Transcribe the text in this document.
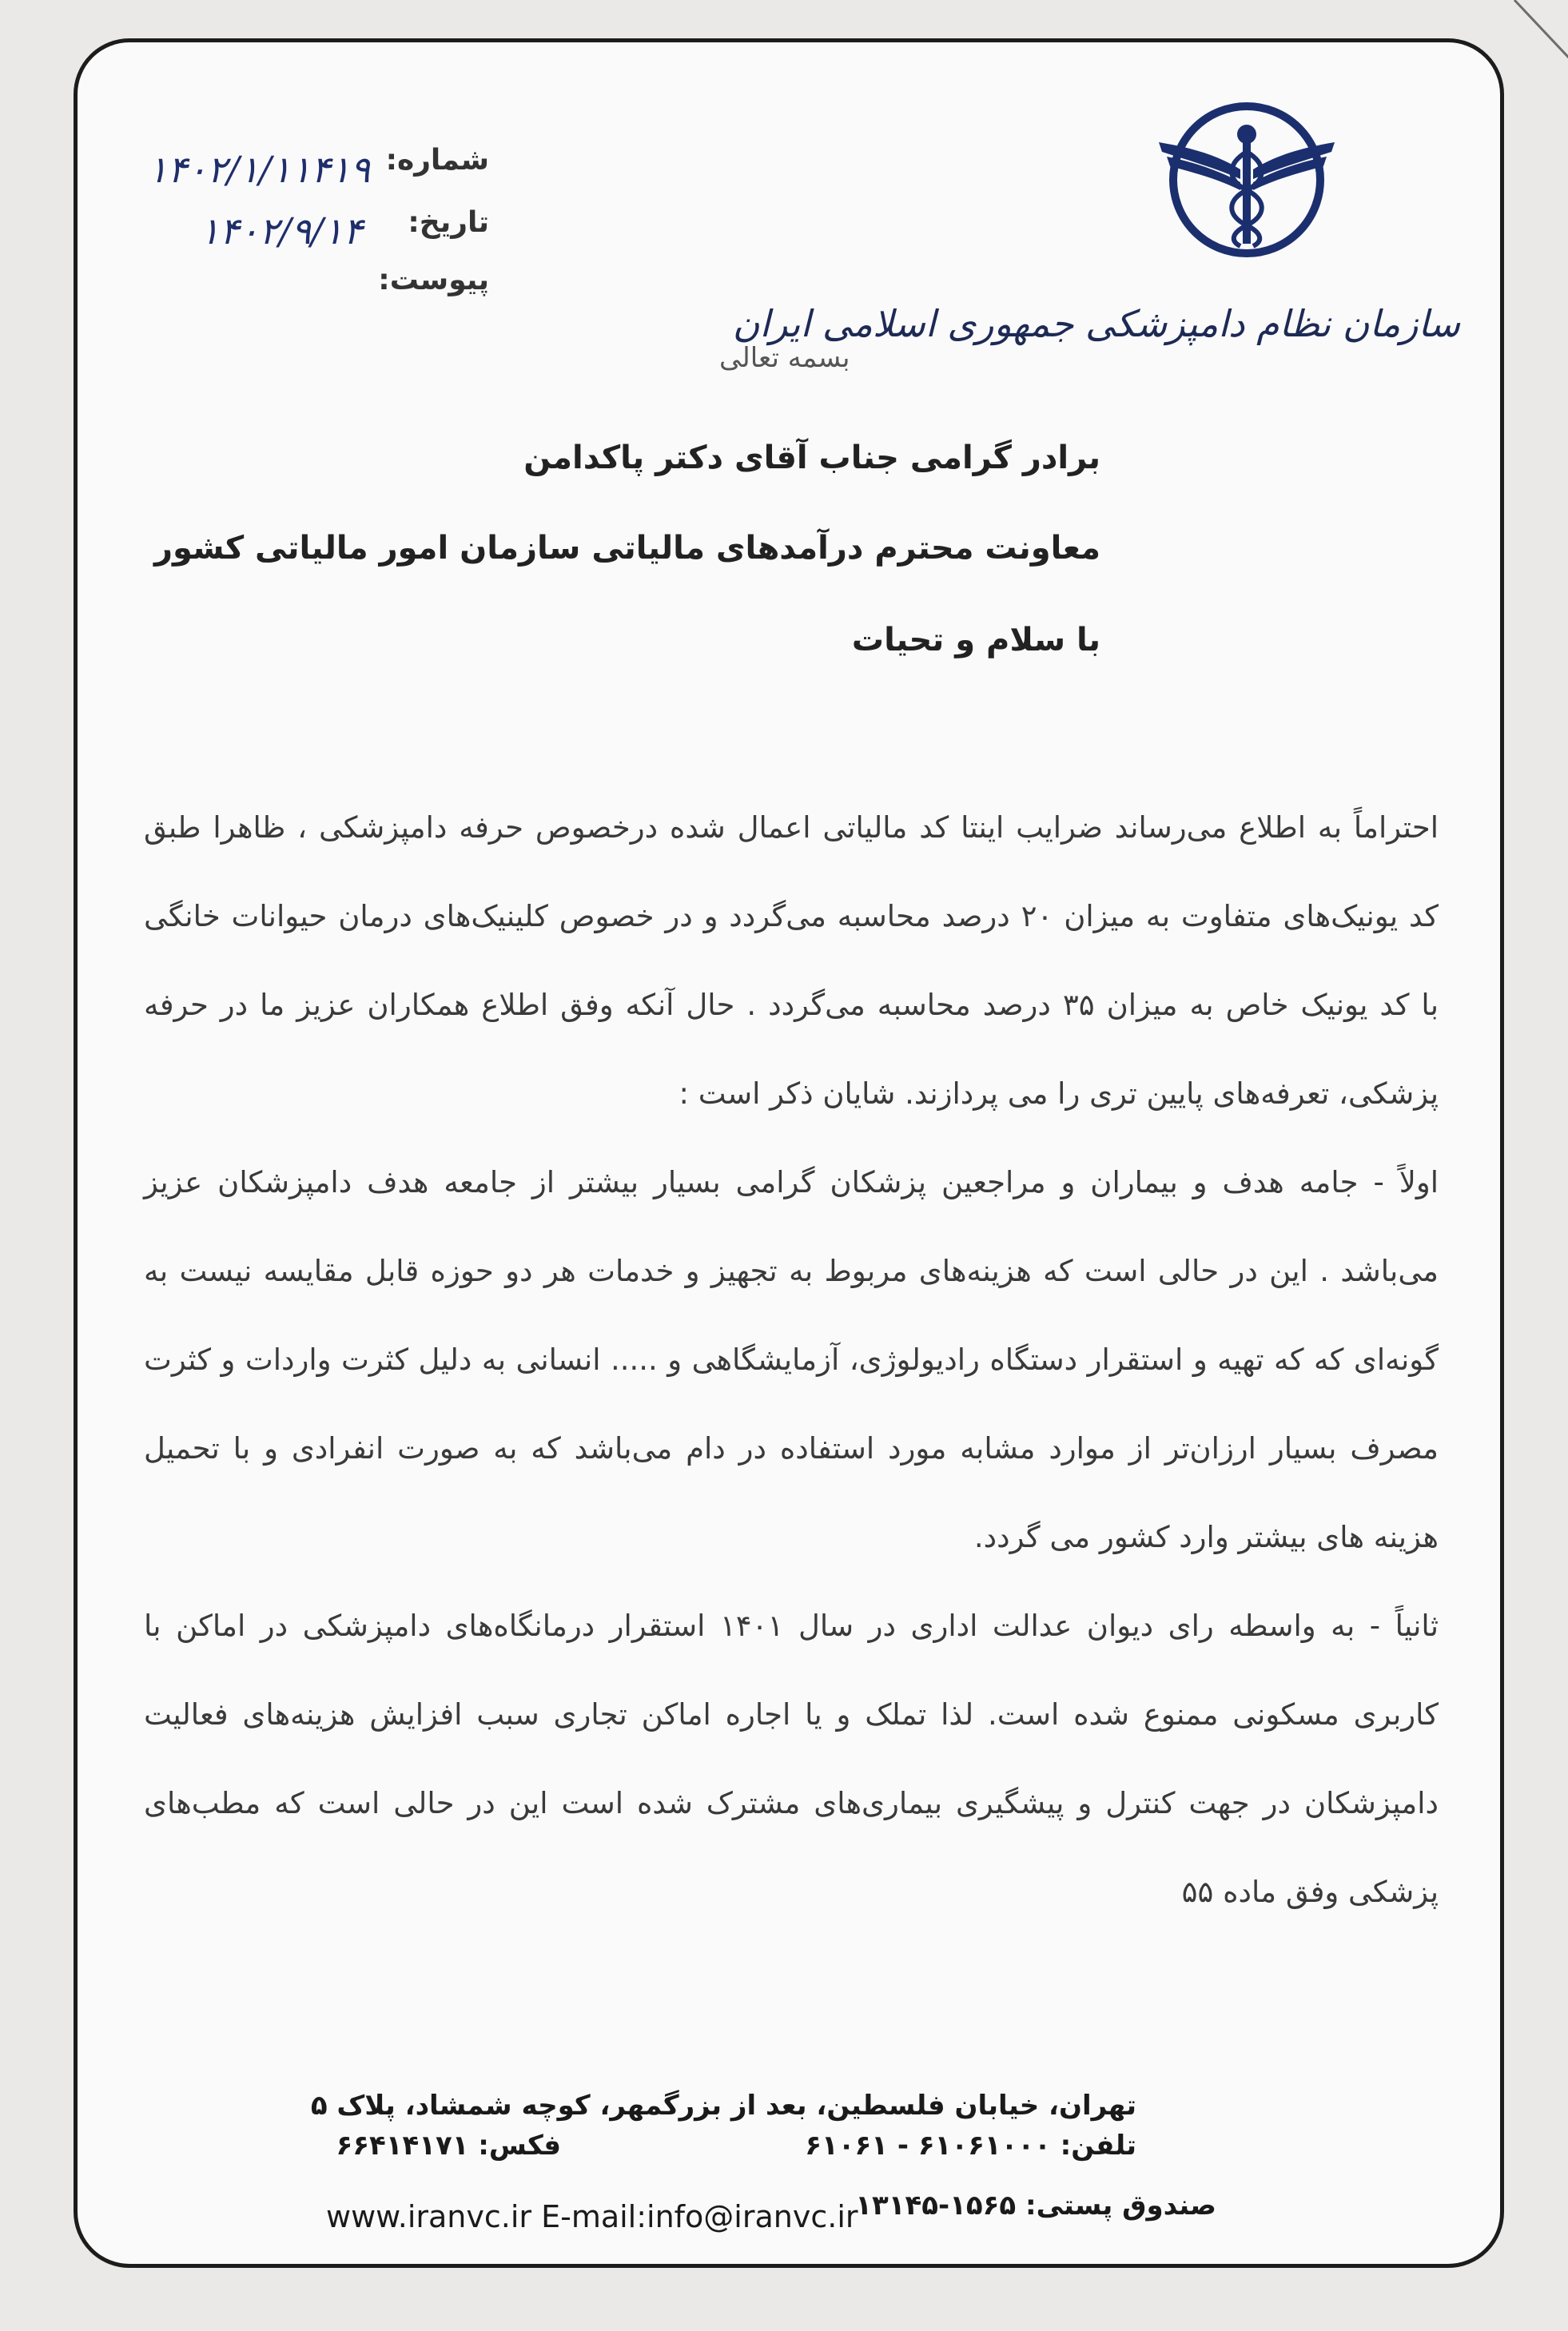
سازمان نظام دامپزشکی جمهوری اسلامی ایران
شماره:
۱۴۰۲/۱/۱۱۴۱۹
تاریخ:
۱۴۰۲/۹/۱۴
پیوست:
بسمه تعالی
برادر گرامی جناب آقای دکتر پاکدامن
معاونت محترم درآمدهای مالیاتی سازمان امور مالیاتی کشور
با سلام و تحیات

احتراماً به اطلاع می‌رساند ضرایب اینتا کد مالیاتی اعمال شده درخصوص حرفه دامپزشکی ، ظاهرا طبق کد یونیک‌های متفاوت به میزان ۲۰ درصد محاسبه می‌گردد و در خصوص کلینیک‌های درمان حیوانات خانگی با کد یونیک خاص به میزان ۳۵ درصد محاسبه می‌گردد . حال آنکه وفق اطلاع همکاران عزیز ما در حرفه پزشکی، تعرفه‌های پایین تری را می پردازند. شایان ذکر است :

اولاً - جامه هدف و بیماران و مراجعین پزشکان گرامی بسیار بیشتر از جامعه هدف دامپزشکان عزیز می‌باشد . این در حالی است که هزینه‌های مربوط به تجهیز و خدمات هر دو حوزه قابل مقایسه نیست به گونه‌ای که که تهیه و استقرار دستگاه رادیولوژی، آزمایشگاهی و ..... انسانی به دلیل کثرت واردات و کثرت مصرف بسیار ارزان‌تر از موارد مشابه مورد استفاده در دام می‌باشد که به صورت انفرادی و با تحمیل هزینه های بیشتر وارد کشور می گردد.

ثانیاً - به واسطه رای دیوان عدالت اداری در سال ۱۴۰۱ استقرار درمانگاه‌های دامپزشکی در اماکن با کاربری مسکونی ممنوع شده است. لذا تملک و یا اجاره اماکن تجاری سبب افزایش هزینه‌های فعالیت دامپزشکان در جهت کنترل و پیشگیری بیماری‌های مشترک شده است این در حالی است که مطب‌های پزشکی وفق ماده ۵۵

تهران، خیابان فلسطین، بعد از بزرگمهر، کوچه شمشاد، پلاک ۵
تلفن: ۶۱۰۶۱۰۰۰ - ۶۱۰۶۱
فکس: ۶۶۴۱۴۱۷۱
صندوق پستی: ۱۵۶۵-۱۳۱۴۵
www.iranvc.ir E-mail:info@iranvc.ir
